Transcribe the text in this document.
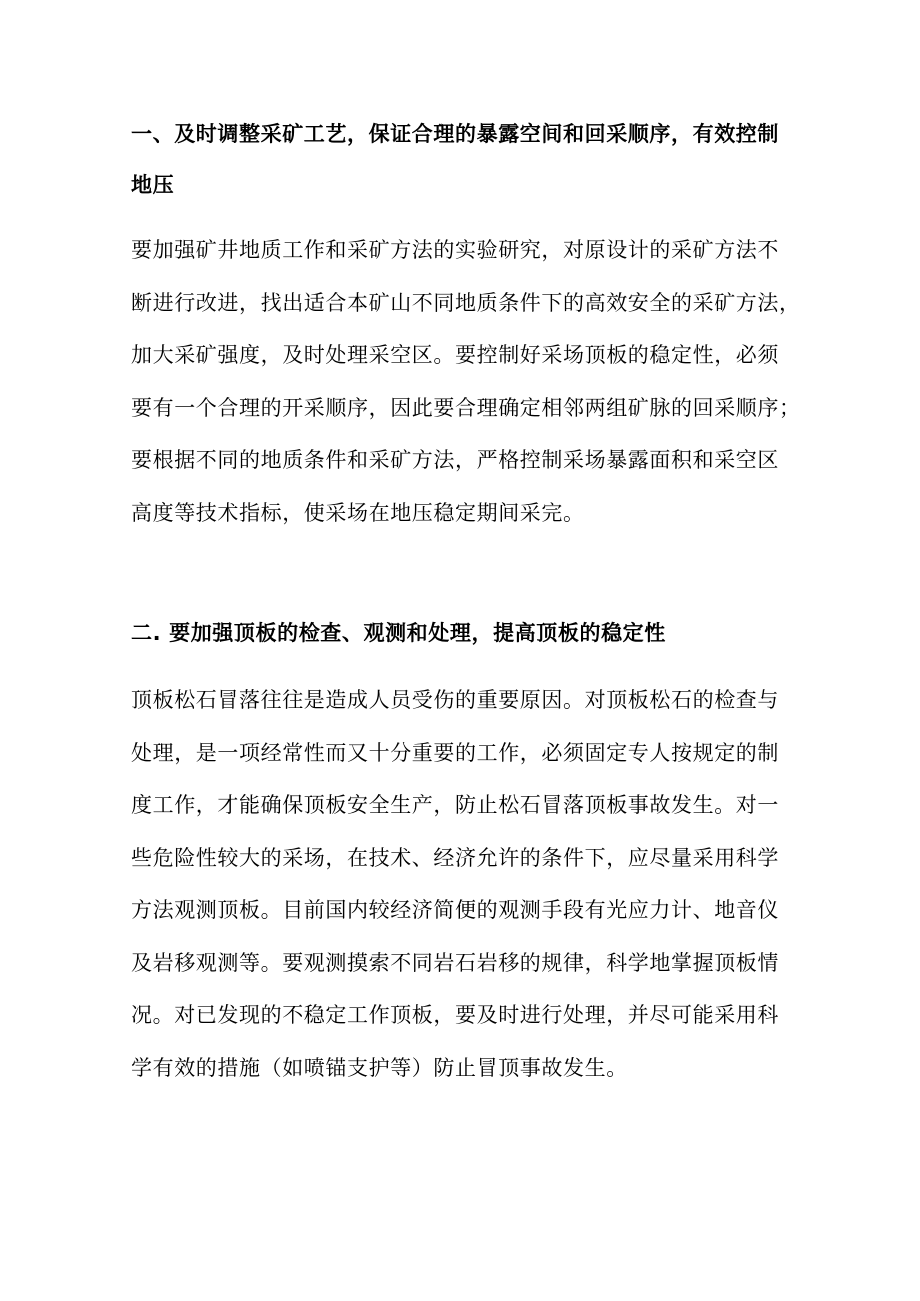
一、及时调整采矿工艺，保证合理的暴露空间和回采顺序，有效控制
地压

要加强矿井地质工作和采矿方法的实验研究，对原设计的采矿方法不
断进行改进，找出适合本矿山不同地质条件下的高效安全的采矿方法，
加大采矿强度，及时处理采空区。要控制好采场顶板的稳定性，必须
要有一个合理的开采顺序，因此要合理确定相邻两组矿脉的回采顺序；
要根据不同的地质条件和采矿方法，严格控制采场暴露面积和采空区
高度等技术指标，使采场在地压稳定期间采完。

二. 要加强顶板的检查、观测和处理，提高顶板的稳定性

顶板松石冒落往往是造成人员受伤的重要原因。对顶板松石的检查与
处理，是一项经常性而又十分重要的工作，必须固定专人按规定的制
度工作，才能确保顶板安全生产，防止松石冒落顶板事故发生。对一
些危险性较大的采场，在技术、经济允许的条件下，应尽量采用科学
方法观测顶板。目前国内较经济简便的观测手段有光应力计、地音仪
及岩移观测等。要观测摸索不同岩石岩移的规律，科学地掌握顶板情
况。对已发现的不稳定工作顶板，要及时进行处理，并尽可能采用科
学有效的措施（如喷锚支护等）防止冒顶事故发生。
